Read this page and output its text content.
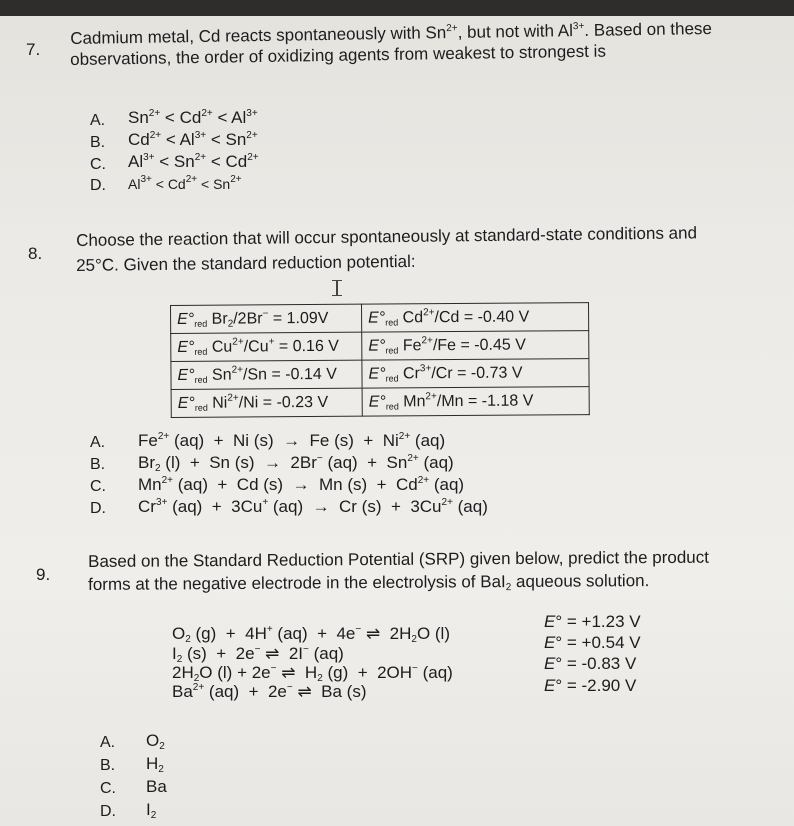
7.
Cadmium metal, Cd reacts spontaneously with $Sn^{2+}$, but not with $Al^{3+}$. Based on these
observations, the order of oxidizing agents from weakest to strongest is
A. $Sn^{2+} < Cd^{2+} < Al^{3+}$
B. $Cd^{2+} < Al^{3+} < Sn^{2+}$
C. $Al^{3+} < Sn^{2+} < Cd^{2+}$
D. $Al^{3+} < Cd^{2+} < Sn^{2+}$
8.
Choose the reaction that will occur spontaneously at standard-state conditions and
25°C. Given the standard reduction potential:
E°red $Br_2/2Br^- = 1.09V$	E°red $Cd^{2+}/Cd = -0.40$ V
E°red $Cu^{2+}/Cu^+ = 0.16$ V	E°red $Fe^{2+}/Fe = -0.45$ V
E°red $Sn^{2+}/Sn = -0.14$ V	E°red $Cr^{3+}/Cr = -0.73$ V
E°red $Ni^{2+}/Ni = -0.23$ V	E°red $Mn^{2+}/Mn = -1.18$ V
A. $Fe^{2+}$ (aq)  +  Ni (s)  →  Fe $(s) + Ni^{2+}$ (aq)
B. $Br_2$ (l)  +  Sn (s)  →  2Br− $(aq) + Sn^{2+}$ (aq)
C. $Mn^{2+}$ (aq)  +  Cd (s)  →  Mn $(s) + Cd^{2+}$ (aq)
D. $Cr^{3+}$ (aq)  +  3Cu+ (aq)  →  Cr $(s) + 3Cu^{2+}$ (aq)
9.
Based on the Standard Reduction Potential (SRP) given below, predict the product
forms at the negative electrode in the electrolysis of BaI$_2$ aqueous solution.
$O_2$ (g)  +  4H+ (aq)  +  4e− ⇌  $2H_2O$ (l)
E° = +1.23 V
$I_2$ (s)  +  2e− ⇌  2I− (aq)
E° = +0.54 V
$2H_2O$ (l) + 2e− ⇌  $H_2$ (g)  +  2OH− (aq)	E° = -0.83 V
$Ba^{2+}$ (aq)  +  2e− ⇌  Ba (s)	E° = -2.90 V
A. $O_2$
B. $H_2$
C. Ba
D. $I_2$
